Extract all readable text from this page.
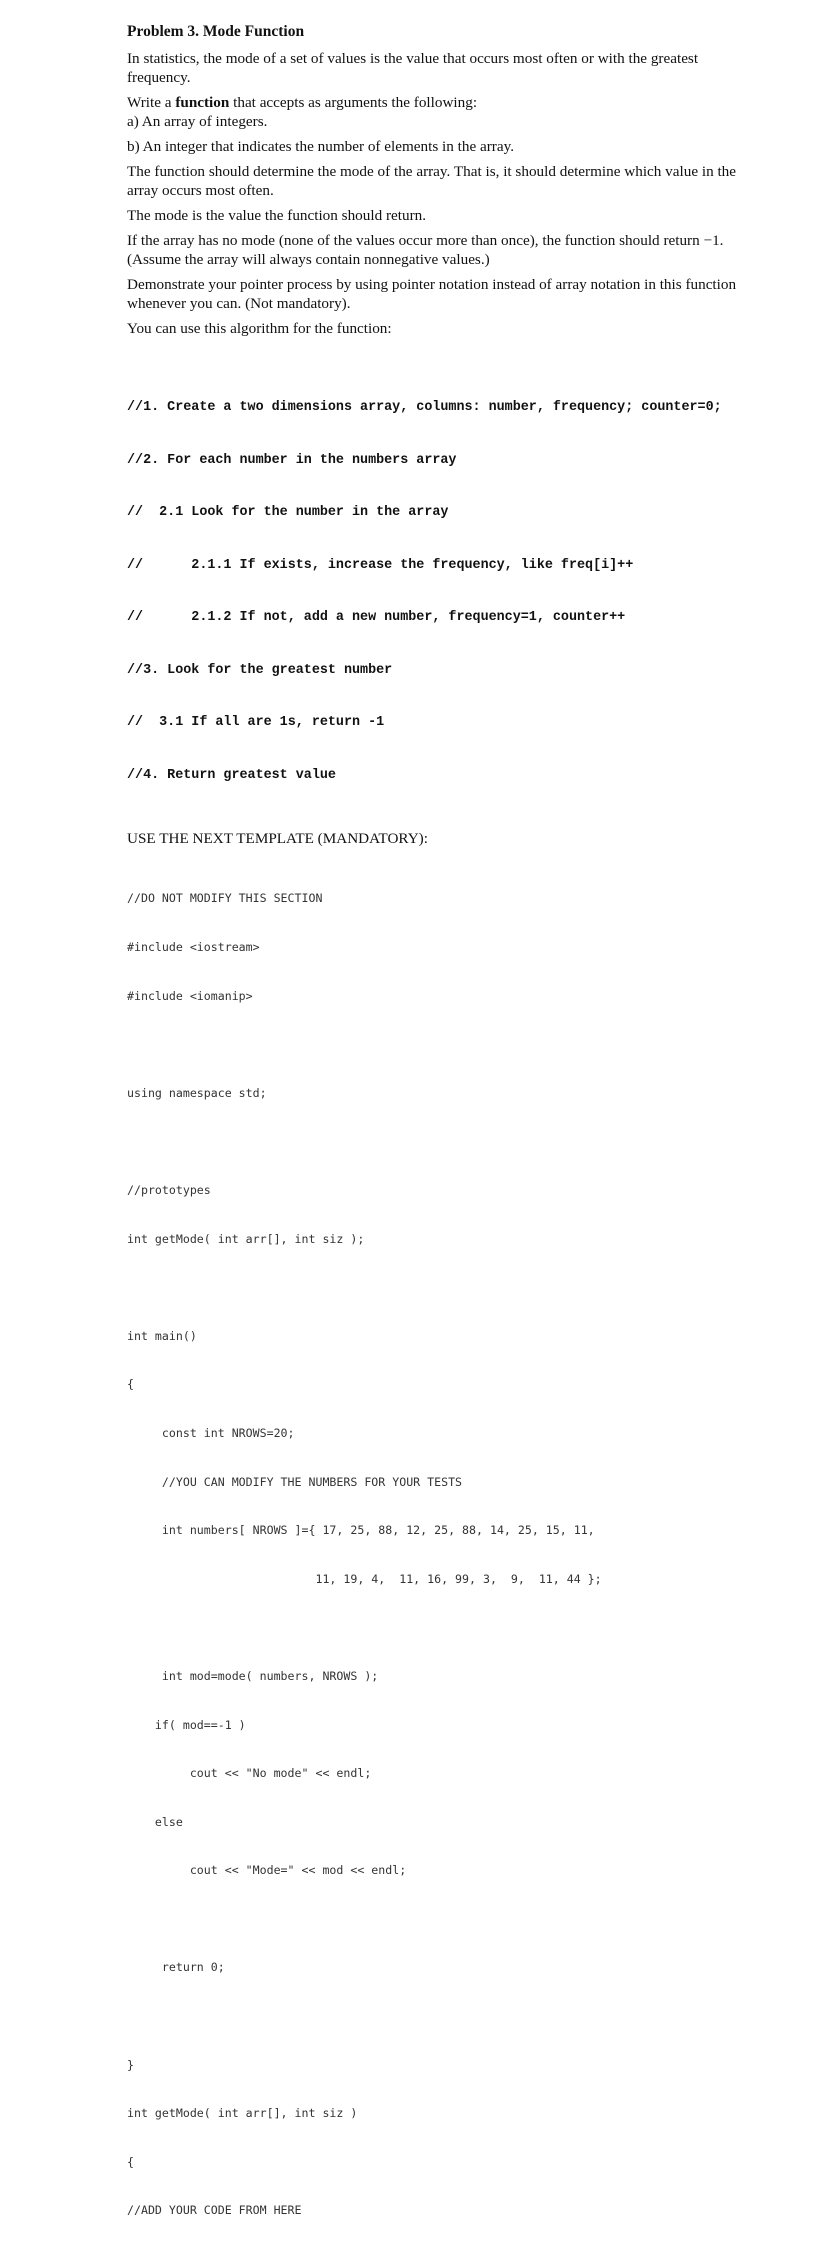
Problem 3. Mode Function
In statistics, the mode of a set of values is the value that occurs most often or with the greatest
frequency.
Write a function that accepts as arguments the following:
a) An array of integers.
b) An integer that indicates the number of elements in the array.
The function should determine the mode of the array. That is, it should determine which value in the
array occurs most often.
The mode is the value the function should return.
If the array has no mode (none of the values occur more than once), the function should return −1.
(Assume the array will always contain nonnegative values.)
Demonstrate your pointer process by using pointer notation instead of array notation in this function
whenever you can. (Not mandatory).
You can use this algorithm for the function:

//1. Create a two dimensions array, columns: number, frequency; counter=0;

//2. For each number in the numbers array

//  2.1 Look for the number in the array

//      2.1.1 If exists, increase the frequency, like freq[i]++

//      2.1.2 If not, add a new number, frequency=1, counter++

//3. Look for the greatest number

//  3.1 If all are 1s, return -1

//4. Return greatest value

USE THE NEXT TEMPLATE (MANDATORY):

//DO NOT MODIFY THIS SECTION

#include <iostream>

#include <iomanip>

using namespace std;

//prototypes

int getMode( int arr[], int siz );

int main()

{

const int NROWS=20;

//YOU CAN MODIFY THE NUMBERS FOR YOUR TESTS

int numbers[ NROWS ]={ 17, 25, 88, 12, 25, 88, 14, 25, 15, 11,

11, 19, 4,  11, 16, 99, 3,  9,  11, 44 };

int mod=mode( numbers, NROWS );

if( mod==-1 )

cout << "No mode" << endl;

else

cout << "Mode=" << mod << endl;

return 0;

}

int getMode( int arr[], int siz )

{

//ADD YOUR CODE FROM HERE
